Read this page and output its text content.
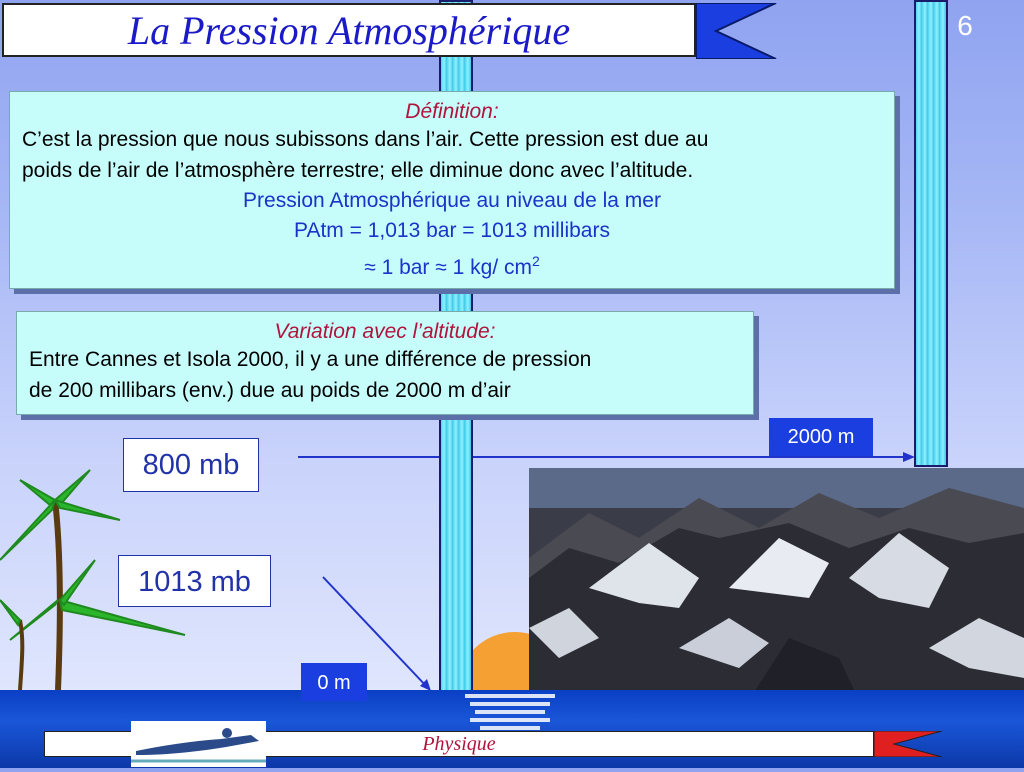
La Pression Atmosphérique	6
Définition:
C’est la pression que nous subissons dans l’air. Cette pression est due au
poids de l’air de l’atmosphère terrestre; elle diminue donc avec l’altitude.
Pression Atmosphérique au niveau de la mer
PAtm = 1,013 bar = 1013 millibars
≈ 1 bar ≈ 1 kg/ $cm^2$
Variation avec l’altitude:
Entre Cannes et Isola 2000, il y a une différence de pression
de 200 millibars (env.) due au poids de 2000 m d’air
800 mb
1013 mb
2000 m
0 m
Physique
